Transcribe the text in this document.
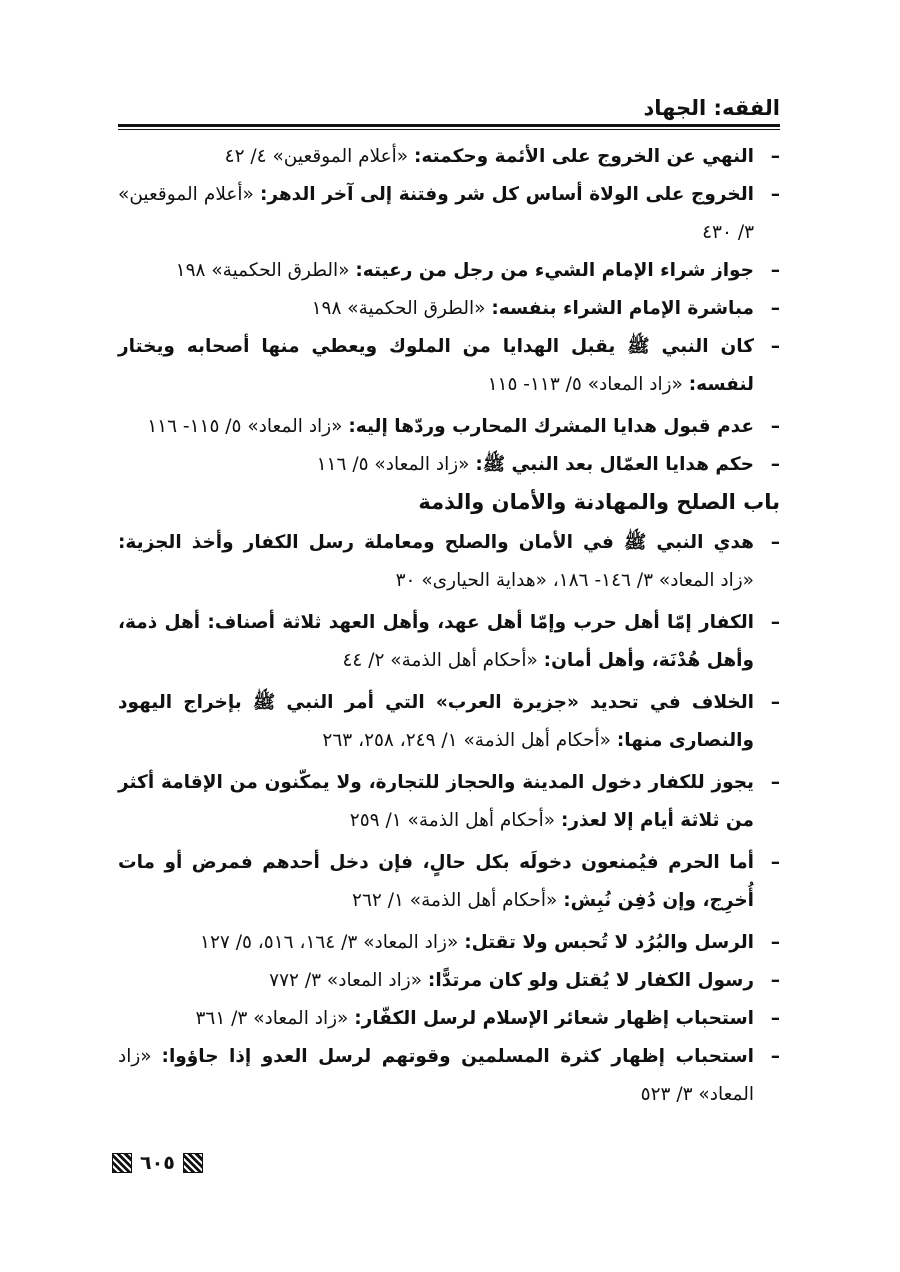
الفقه: الجهاد
–
النهي عن الخروج على الأئمة وحكمته: «أعلام الموقعين» ٤/ ٤٢
–
الخروج على الولاة أساس كل شر وفتنة إلى آخر الدهر: «أعلام الموقعين» ٣/ ٤٣٠
–
جواز شراء الإمام الشيء من رجل من رعيته: «الطرق الحكمية» ١٩٨
–
مباشرة الإمام الشراء بنفسه: «الطرق الحكمية» ١٩٨
–
كان النبي ﷺ يقبل الهدايا من الملوك ويعطي منها أصحابه ويختار لنفسه: «زاد المعاد» ٥/ ١١٣- ١١٥
–
عدم قبول هدايا المشرك المحارب وردّها إليه: «زاد المعاد» ٥/ ١١٥- ١١٦
–
حكم هدايا العمّال بعد النبي ﷺ: «زاد المعاد» ٥/ ١١٦
باب الصلح والمهادنة والأمان والذمة
–
هدي النبي ﷺ في الأمان والصلح ومعاملة رسل الكفار وأخذ الجزية: «زاد المعاد» ٣/ ١٤٦- ١٨٦، «هداية الحيارى» ٣٠
–
الكفار إمّا أهل حرب وإمّا أهل عهد، وأهل العهد ثلاثة أصناف: أهل ذمة، وأهل هُدْنَة، وأهل أمان: «أحكام أهل الذمة» ٢/ ٤٤
–
الخلاف في تحديد «جزيرة العرب» التي أمر النبي ﷺ بإخراج اليهود والنصارى منها: «أحكام أهل الذمة» ١/ ٢٤٩، ٢٥٨، ٢٦٣
–
يجوز للكفار دخول المدينة والحجاز للتجارة، ولا يمكّنون من الإقامة أكثر من ثلاثة أيام إلا لعذر: «أحكام أهل الذمة» ١/ ٢٥٩
–
أما الحرم فيُمنعون دخولَه بكل حالٍ، فإن دخل أحدهم فمرض أو مات أُخرِج، وإن دُفِن نُبِش: «أحكام أهل الذمة» ١/ ٢٦٢
–
الرسل والبُرُد لا تُحبس ولا تقتل: «زاد المعاد» ٣/ ١٦٤، ٥١٦، ٥/ ١٢٧
–
رسول الكفار لا يُقتل ولو كان مرتدًّا: «زاد المعاد» ٣/ ٧٧٢
–
استحباب إظهار شعائر الإسلام لرسل الكفّار: «زاد المعاد» ٣/ ٣٦١
–
استحباب إظهار كثرة المسلمين وقوتهم لرسل العدو إذا جاؤوا: «زاد المعاد» ٣/ ٥٢٣
٦٠٥
